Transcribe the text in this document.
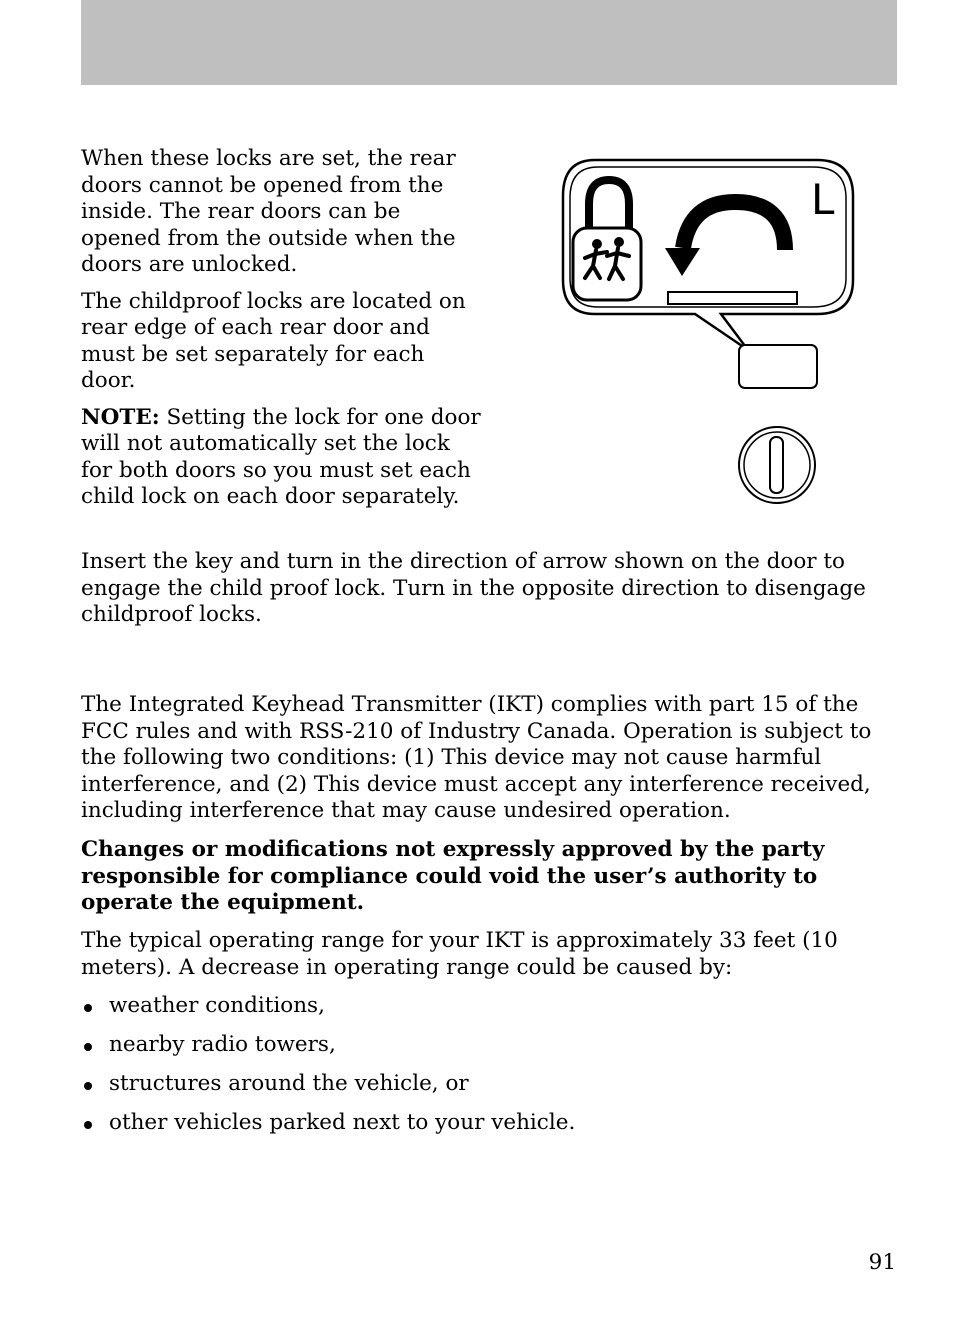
When these locks are set, the rear doors cannot be opened from the inside. The rear doors can be opened from the outside when the doors are unlocked.

The childproof locks are located on rear edge of each rear door and must be set separately for each door.

NOTE: Setting the lock for one door will not automatically set the lock for both doors so you must set each child lock on each door separately.

L

Insert the key and turn in the direction of arrow shown on the door to engage the child proof lock. Turn in the opposite direction to disengage childproof locks.

The Integrated Keyhead Transmitter (IKT) complies with part 15 of the FCC rules and with RSS-210 of Industry Canada. Operation is subject to the following two conditions: (1) This device may not cause harmful interference, and (2) This device must accept any interference received, including interference that may cause undesired operation.

Changes or modifications not expressly approved by the party responsible for compliance could void the user’s authority to operate the equipment.

The typical operating range for your IKT is approximately 33 feet (10 meters). A decrease in operating range could be caused by:

weather conditions,
nearby radio towers,
structures around the vehicle, or
other vehicles parked next to your vehicle.
91
